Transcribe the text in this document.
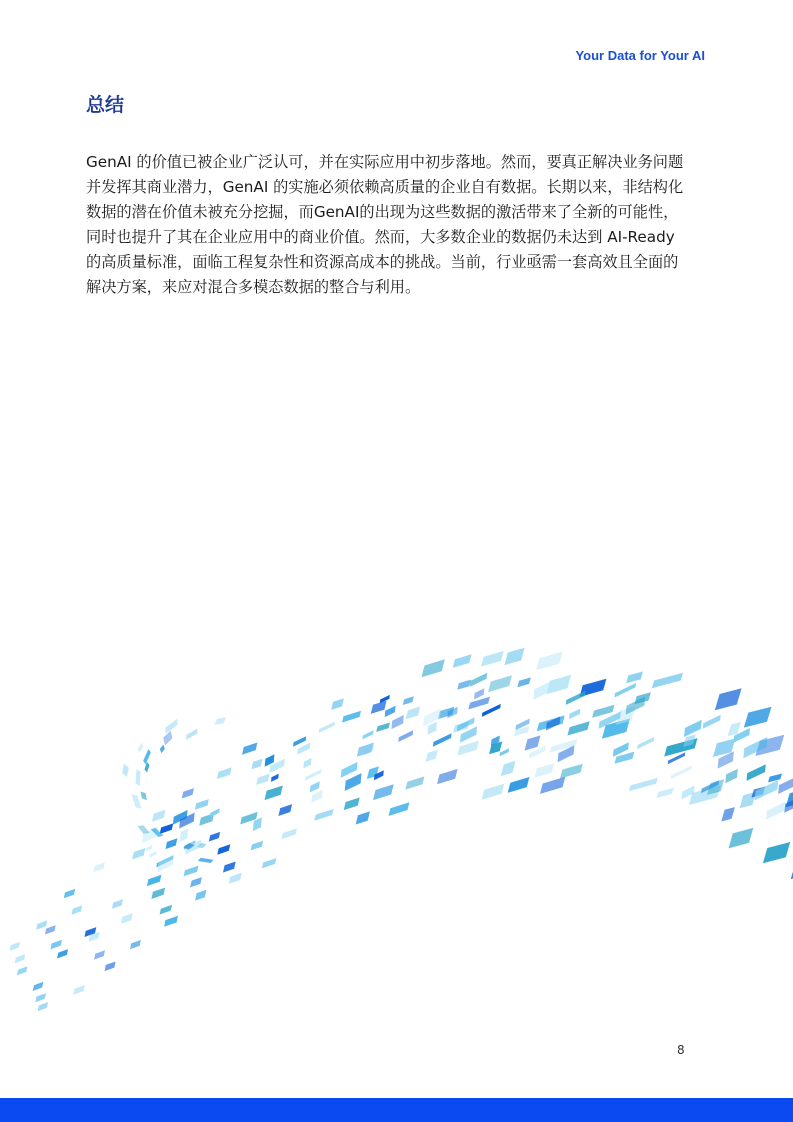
Your Data for Your AI
总结
GenAI 的价值已被企业广泛认可，并在实际应用中初步落地。然而，要真正解决业务问题
并发挥其商业潜力，GenAI 的实施必须依赖高质量的企业自有数据。长期以来，非结构化
数据的潜在价值未被充分挖掘，而GenAI的出现为这些数据的激活带来了全新的可能性，
同时也提升了其在企业应用中的商业价值。然而，大多数企业的数据仍未达到 AI-Ready
的高质量标准，面临工程复杂性和资源高成本的挑战。当前，行业亟需一套高效且全面的
解决方案，来应对混合多模态数据的整合与利用。
8
